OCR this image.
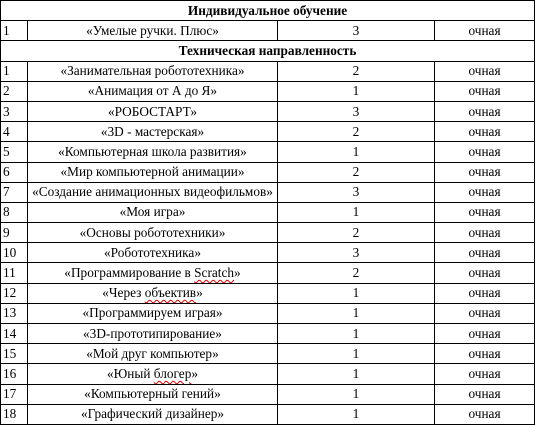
Индивидуальное обучение			
1	«Умелые ручки. Плюс»	3	очная
Техническая направленность			
1	«Занимательная робототехника»	2	очная
2	«Анимация от А до Я»	1	очная
3	«РОБОСТАРТ»	3	очная
4	«3D - мастерская»	2	очная
5	«Компьютерная школа развития»	1	очная
6	«Мир компьютерной анимации»	2	очная
7	«Создание анимационных видеофильмов»	3	очная
8	«Моя игра»	1	очная
9	«Основы робототехники»	2	очная
10	«Робототехника»	3	очная
11	«Программирование в Scratch»	2	очная
12	«Через объектив»	1	очная
13	«Программируем играя»	1	очная
14	«3D-прототипирование»	1	очная
15	«Мой друг компьютер»	1	очная
16	«Юный блогер»	1	очная
17	«Компьютерный гений»	1	очная
18	«Графический дизайнер»	1	очная
